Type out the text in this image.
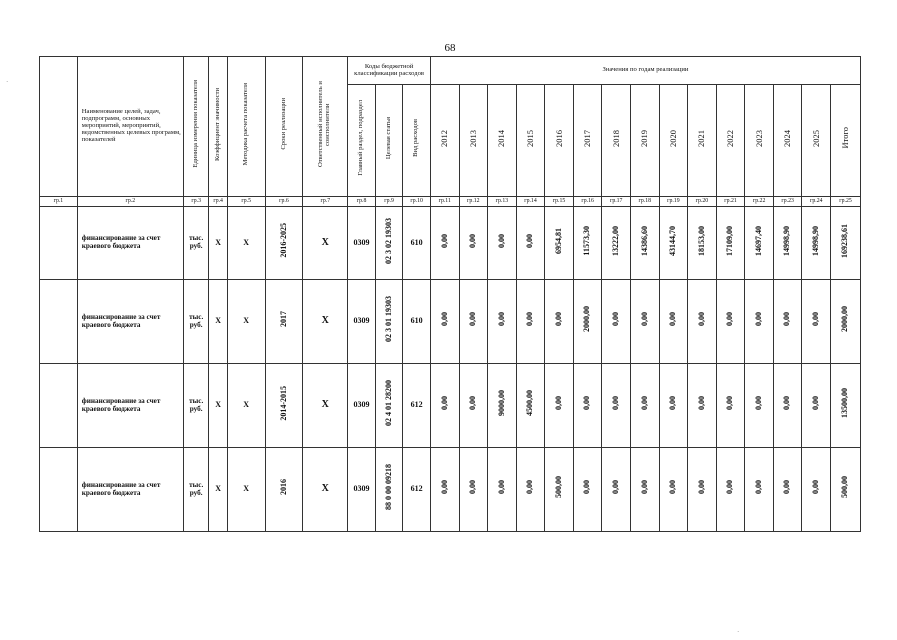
68
·
·
	Наименование целей, задач, подпрограмм, основных мероприятий, мероприятий, ведомственных целевых программ, показателей	Единица измерения показателя	Коэффициент значимости	Методика расчета показателя	Сроки реализации	Ответственный исполнитель и соисполнители	Коды бюджетной классификации расходов			Значения по годам реализации														
							Главный раздел, подраздел	Целевая статья	Вид расходов	2012	2013	2014	2015	2016	2017	2018	2019	2020	2021	2022	2023	2024	2025	Итого
гр.1	гр.2	гр.3	гр.4	гр.5	гр.6	гр.7	гр.8	гр.9	гр.10	гр.11	гр.12	гр.13	гр.14	гр.15	гр.16	гр.17	гр.18	гр.19	гр.20	гр.21	гр.22	гр.23	гр.24	гр.25
	финансирование за счет краевого бюджета	тыс. руб.	X	X	2016-2025	X	0309	02 3 02 19303	610	0,00	0,00	0,00	0,00	6954,81	11573,30	13222,00	14386,60	43144,70	18153,00	17109,00	14697,40	14998,90	14998,90	169238,61
	финансирование за счет краевого бюджета	тыс. руб.	X	X	2017	X	0309	02 3 01 19303	610	0,00	0,00	0,00	0,00	0,00	2000,00	0,00	0,00	0,00	0,00	0,00	0,00	0,00	0,00	2000,00
	финансирование за счет краевого бюджета	тыс. руб.	X	X	2014-2015	X	0309	02 4 01 28200	612	0,00	0,00	9000,00	4500,00	0,00	0,00	0,00	0,00	0,00	0,00	0,00	0,00	0,00	0,00	13500,00
	финансирование за счет краевого бюджета	тыс. руб.	X	X	2016	X	0309	88 0 00 09218	612	0,00	0,00	0,00	0,00	500,00	0,00	0,00	0,00	0,00	0,00	0,00	0,00	0,00	0,00	500,00
